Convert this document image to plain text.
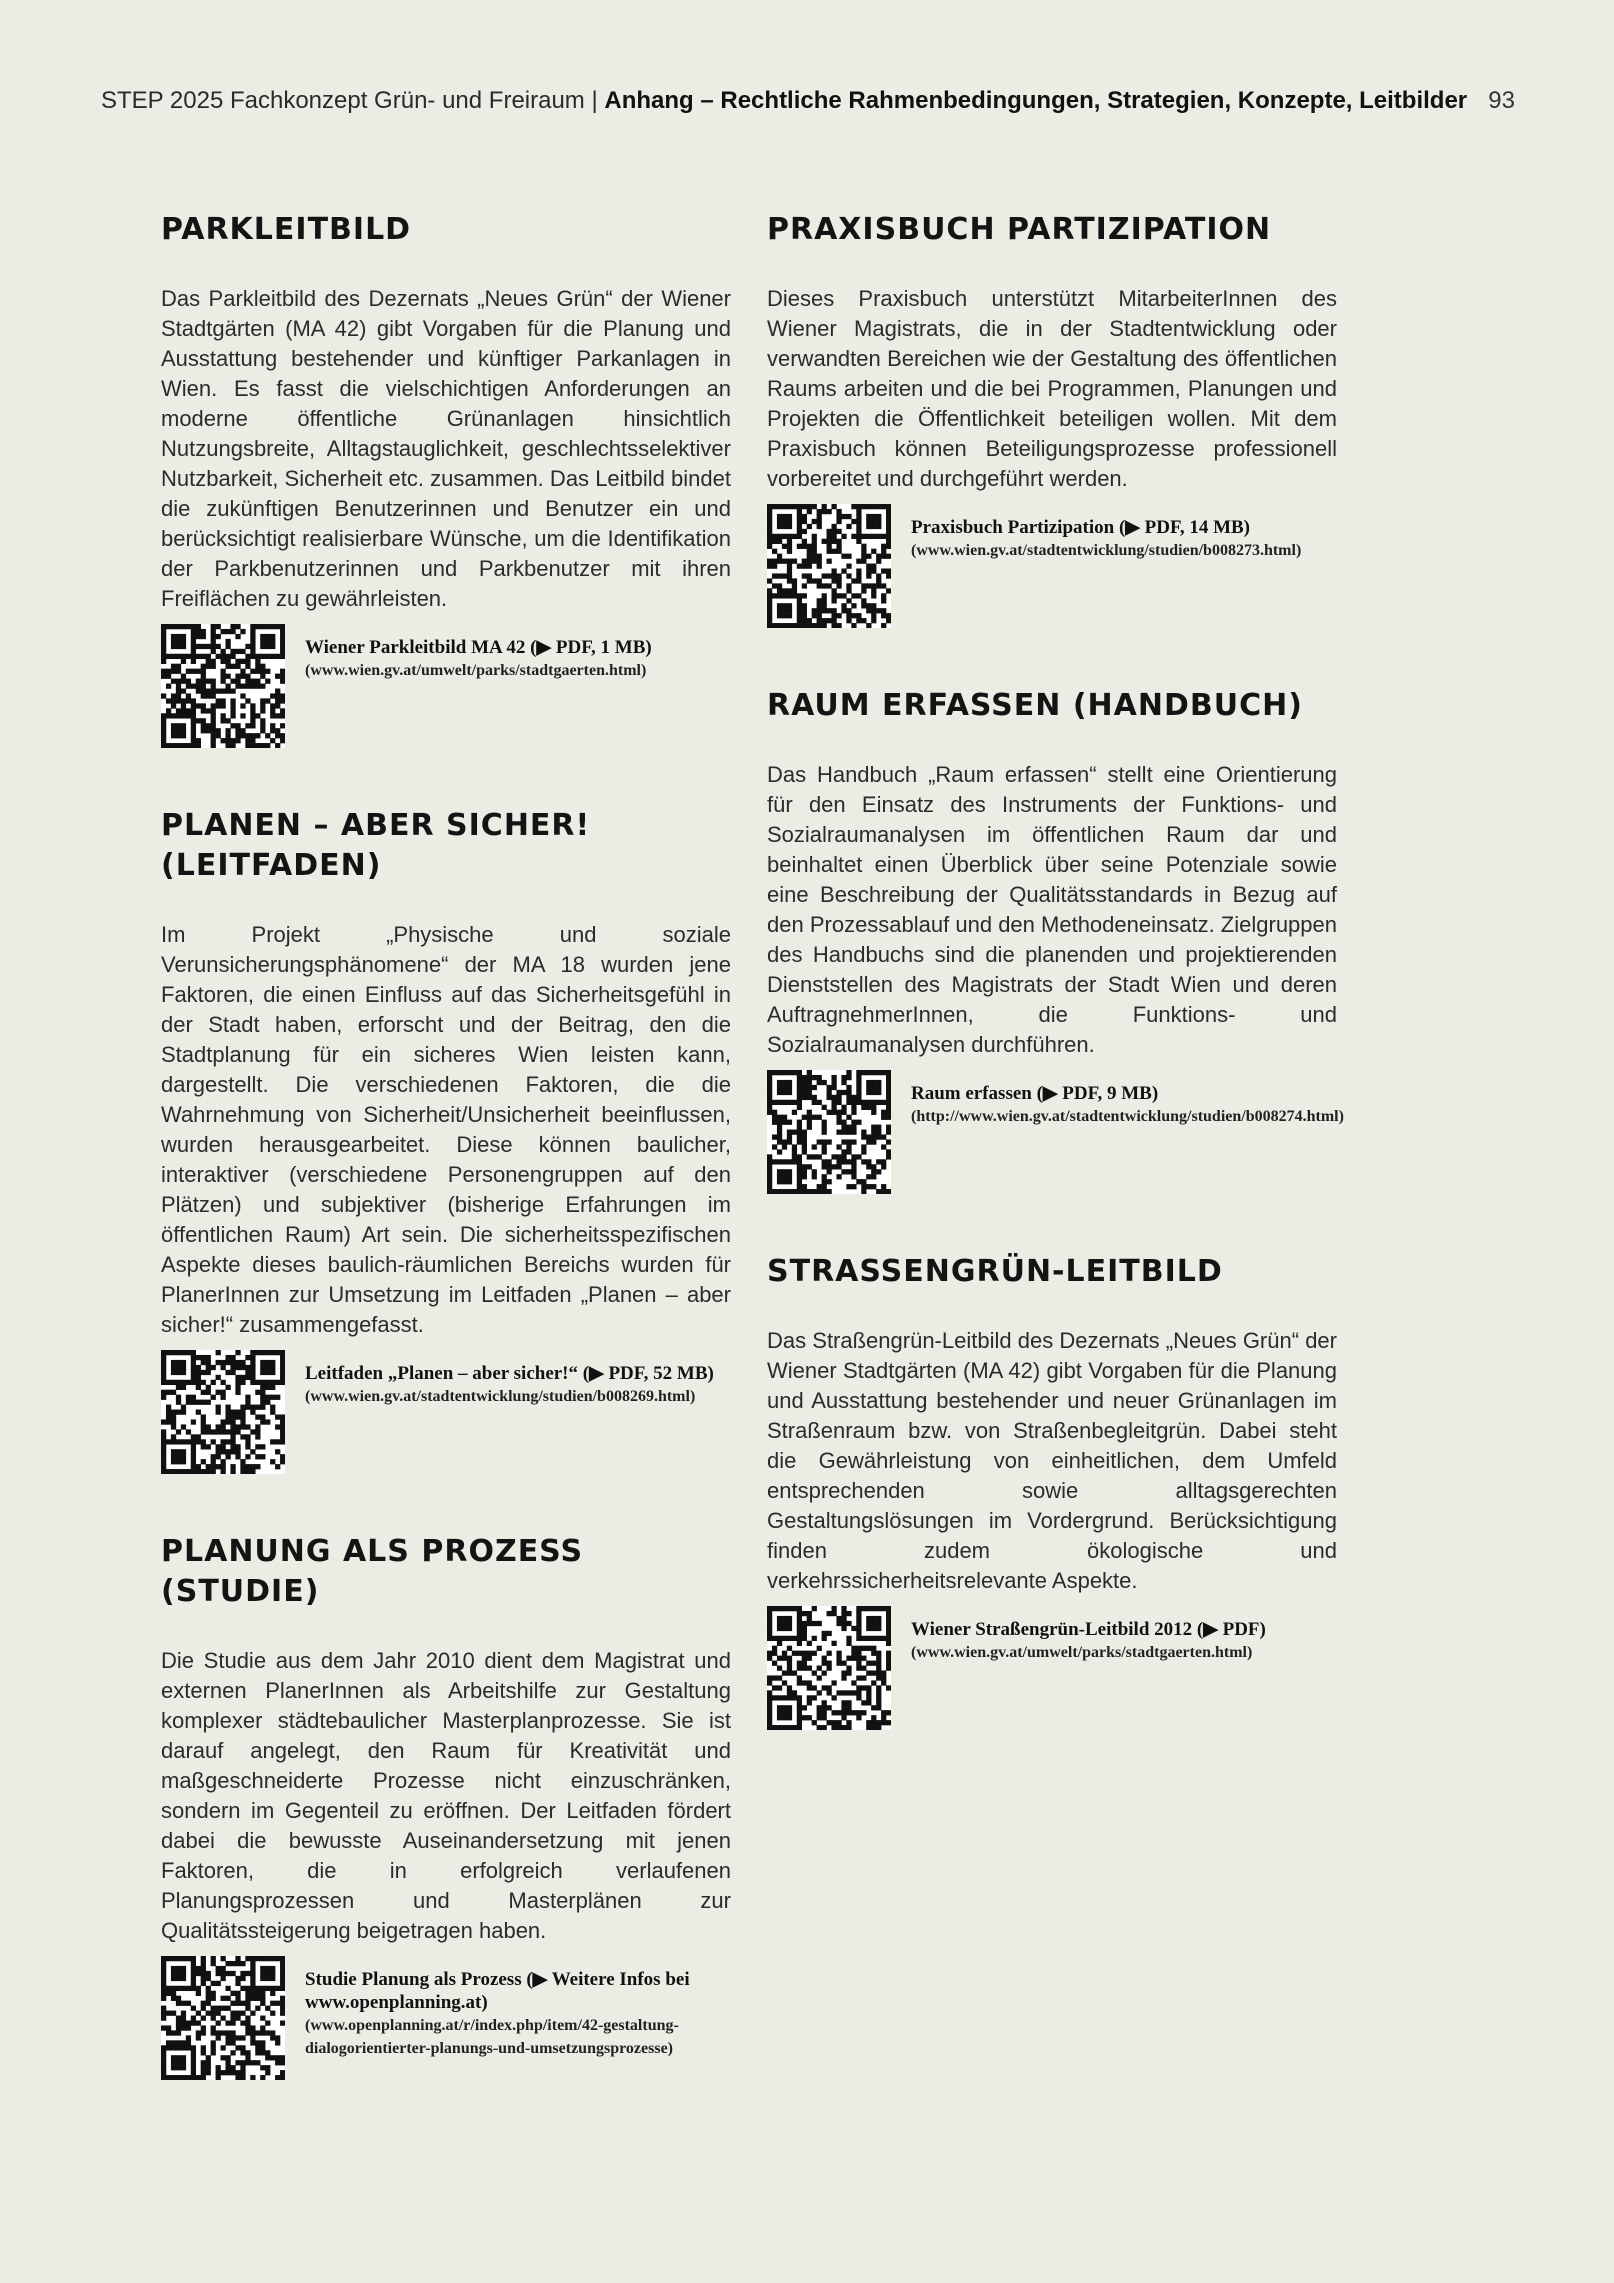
STEP 2025 Fachkonzept Grün- und Freiraum | Anhang – Rechtliche Rahmenbedingungen, Strategien, Konzepte, Leitbilder 93
PARKLEITBILD

Das Parkleitbild des Dezernats „Neues Grün“ der Wiener Stadtgärten (MA 42) gibt Vorgaben für die Planung und Ausstattung bestehender und künftiger Parkanlagen in Wien. Es fasst die vielschichtigen Anforderungen an moderne öffentliche Grünanlagen hinsichtlich Nutzungsbreite, Alltagstauglichkeit, geschlechtsselektiver Nutzbarkeit, Sicherheit etc. zusammen. Das Leitbild bindet die zukünftigen Benutzerinnen und Benutzer ein und berücksichtigt realisierbare Wünsche, um die Identifikation der Parkbenutzerinnen und Parkbenutzer mit ihren Freiflächen zu gewährleisten.

Wiener Parkleitbild MA 42 (▶ PDF, 1 MB)
(www.wien.gv.at/umwelt/parks/stadtgaerten.html)
PLANEN – ABER SICHER! (LEITFADEN)

Im Projekt „Physische und soziale Verunsicherungsphänomene“ der MA 18 wurden jene Faktoren, die einen Einfluss auf das Sicherheitsgefühl in der Stadt haben, erforscht und der Beitrag, den die Stadtplanung für ein sicheres Wien leisten kann, dargestellt. Die verschiedenen Faktoren, die die Wahrnehmung von Sicherheit/Unsicherheit beeinflussen, wurden herausgearbeitet. Diese können baulicher, interaktiver (verschiedene Personengruppen auf den Plätzen) und subjektiver (bisherige Erfahrungen im öffentlichen Raum) Art sein. Die sicherheitsspezifischen Aspekte dieses baulich-räumlichen Bereichs wurden für PlanerInnen zur Umsetzung im Leitfaden „Planen – aber sicher!“ zusammengefasst.

Leitfaden „Planen – aber sicher!“ (▶ PDF, 52 MB)
(www.wien.gv.at/stadtentwicklung/studien/b008269.html)
PLANUNG ALS PROZESS (STUDIE)

Die Studie aus dem Jahr 2010 dient dem Magistrat und externen PlanerInnen als Arbeitshilfe zur Gestaltung komplexer städtebaulicher Masterplanprozesse. Sie ist darauf angelegt, den Raum für Kreativität und maßgeschneiderte Prozesse nicht einzuschränken, sondern im Gegenteil zu eröffnen. Der Leitfaden fördert dabei die bewusste Auseinandersetzung mit jenen Faktoren, die in erfolgreich verlaufenen Planungsprozessen und Masterplänen zur Qualitätssteigerung beigetragen haben.

Studie Planung als Prozess (▶ Weitere Infos bei www.openplanning.at)
(www.openplanning.at/r/index.php/item/42-gestaltung-dialogorientierter-planungs-und-umsetzungsprozesse)
PRAXISBUCH PARTIZIPATION

Dieses Praxisbuch unterstützt MitarbeiterInnen des Wiener Magistrats, die in der Stadtentwicklung oder verwandten Bereichen wie der Gestaltung des öffentlichen Raums arbeiten und die bei Programmen, Planungen und Projekten die Öffentlichkeit beteiligen wollen. Mit dem Praxisbuch können Beteiligungsprozesse professionell vorbereitet und durchgeführt werden.

Praxisbuch Partizipation (▶ PDF, 14 MB)
(www.wien.gv.at/stadtentwicklung/studien/b008273.html)
RAUM ERFASSEN (HANDBUCH)

Das Handbuch „Raum erfassen“ stellt eine Orientierung für den Einsatz des Instruments der Funktions- und Sozialraumanalysen im öffentlichen Raum dar und beinhaltet einen Überblick über seine Potenziale sowie eine Beschreibung der Qualitätsstandards in Bezug auf den Prozessablauf und den Methodeneinsatz. Zielgruppen des Handbuchs sind die planenden und projektierenden Dienststellen des Magistrats der Stadt Wien und deren AuftragnehmerInnen, die Funktions- und Sozialraumanalysen durchführen.

Raum erfassen (▶ PDF, 9 MB)
(http://www.wien.gv.at/stadtentwicklung/studien/b008274.html)
STRASSENGRÜN-LEITBILD

Das Straßengrün-Leitbild des Dezernats „Neues Grün“ der Wiener Stadtgärten (MA 42) gibt Vorgaben für die Planung und Ausstattung bestehender und neuer Grünanlagen im Straßenraum bzw. von Straßenbegleitgrün. Dabei steht die Gewährleistung von einheitlichen, dem Umfeld entsprechenden sowie alltagsgerechten Gestaltungslösungen im Vordergrund. Berücksichtigung finden zudem ökologische und verkehrssicherheitsrelevante Aspekte.

Wiener Straßengrün-Leitbild 2012 (▶ PDF)
(www.wien.gv.at/umwelt/parks/stadtgaerten.html)
